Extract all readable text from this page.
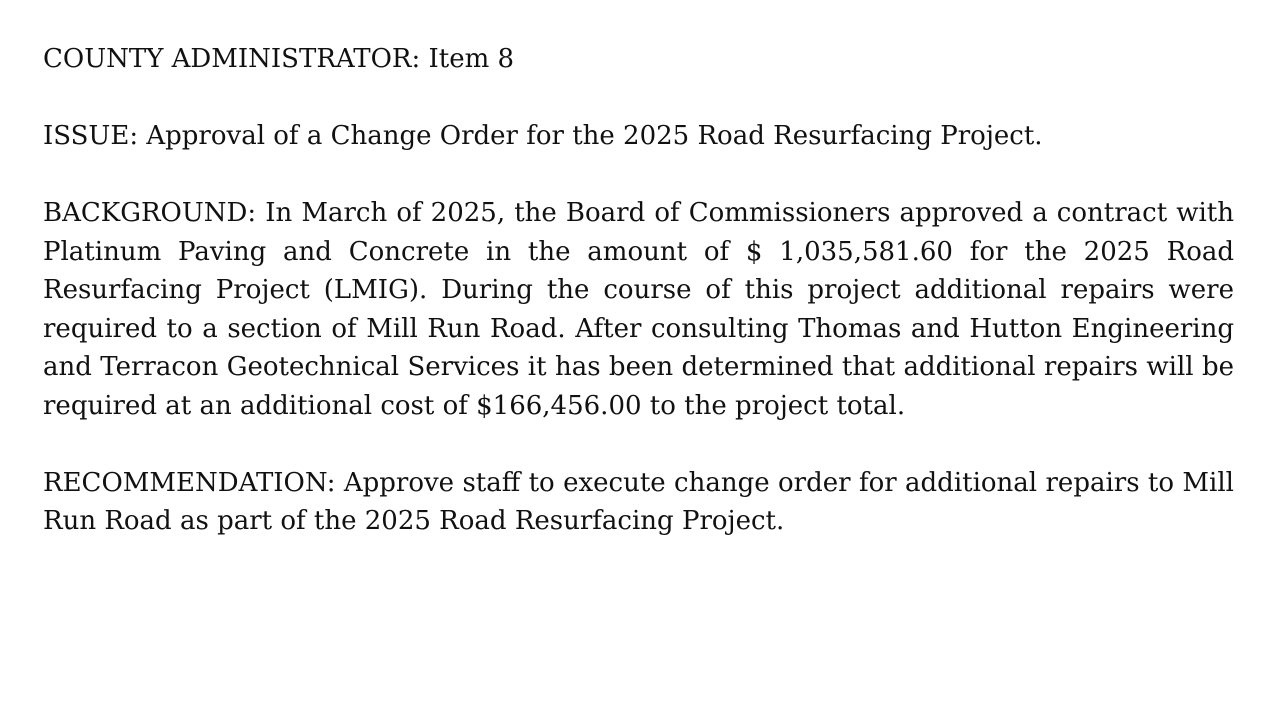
COUNTY ADMINISTRATOR: Item 8

ISSUE: Approval of a Change Order for the 2025 Road Resurfacing Project.

BACKGROUND: In March of 2025, the Board of Commissioners approved a contract with Platinum Paving and Concrete in the amount of $ 1,035,581.60 for the 2025 Road Resurfacing Project (LMIG). During the course of this project additional repairs were required to a section of Mill Run Road. After consulting Thomas and Hutton Engineering and Terracon Geotechnical Services it has been determined that additional repairs will be required at an additional cost of $166,456.00 to the project total.

RECOMMENDATION: Approve staff to execute change order for additional repairs to Mill Run Road as part of the 2025 Road Resurfacing Project.
